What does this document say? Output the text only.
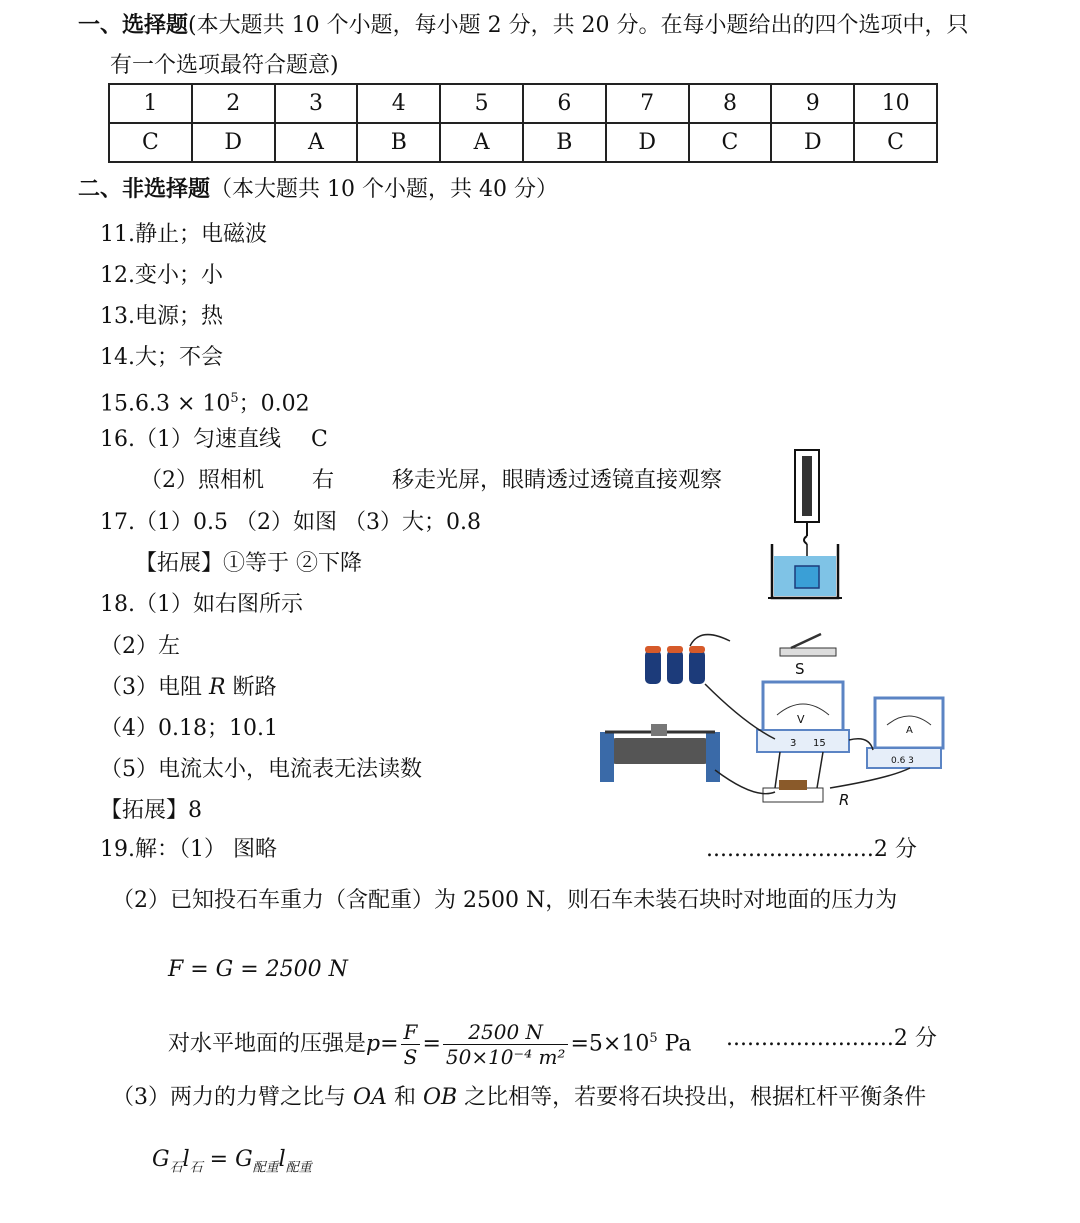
一、选择题(本大题共 10 个小题，每小题 2 分，共 20 分。在每小题给出的四个选项中，只
有一个选项最符合题意)
1	2	3	4	5	6	7	8	9	10
C	D	A	B	A	B	D	C	D	C
二、非选择题（本大题共 10 个小题，共 40 分）
11.静止；电磁波
12.变小；小
13.电源；热
14.大；不会
$15.6.3 \times 10^5$；0.02
16.（1）匀速直线 C
（2）照相机 右	移走光屏，眼睛透过透镜直接观察
17.（1）0.5 （2）如图 （3）大；0.8
【拓展】①等于 ②下降
18.（1）如右图所示
（2）左
（3）电阻 R 断路
（4）0.18；10.1
（5）电流太小，电流表无法读数
【拓展】8
19.解：（1） 图略	........................2 分
（2）已知投石车重力（含配重）为 2500 N，则石车未装石块时对地面的压力为
F = G = 2500 N
对水平地面的压强是$p= \frac{F}{S} = \frac{2500 N}{\text{50×10⁻⁴ m²}} =5\times 10^5$ Pa ........................2 分
（3）两力的力臂之比与 OA 和 OB 之比相等，若要将石块投出，根据杠杆平衡条件
$G_石l_石 = G_{配重}l_{配重}$
S
V
3 15
A
0.6 3
R
